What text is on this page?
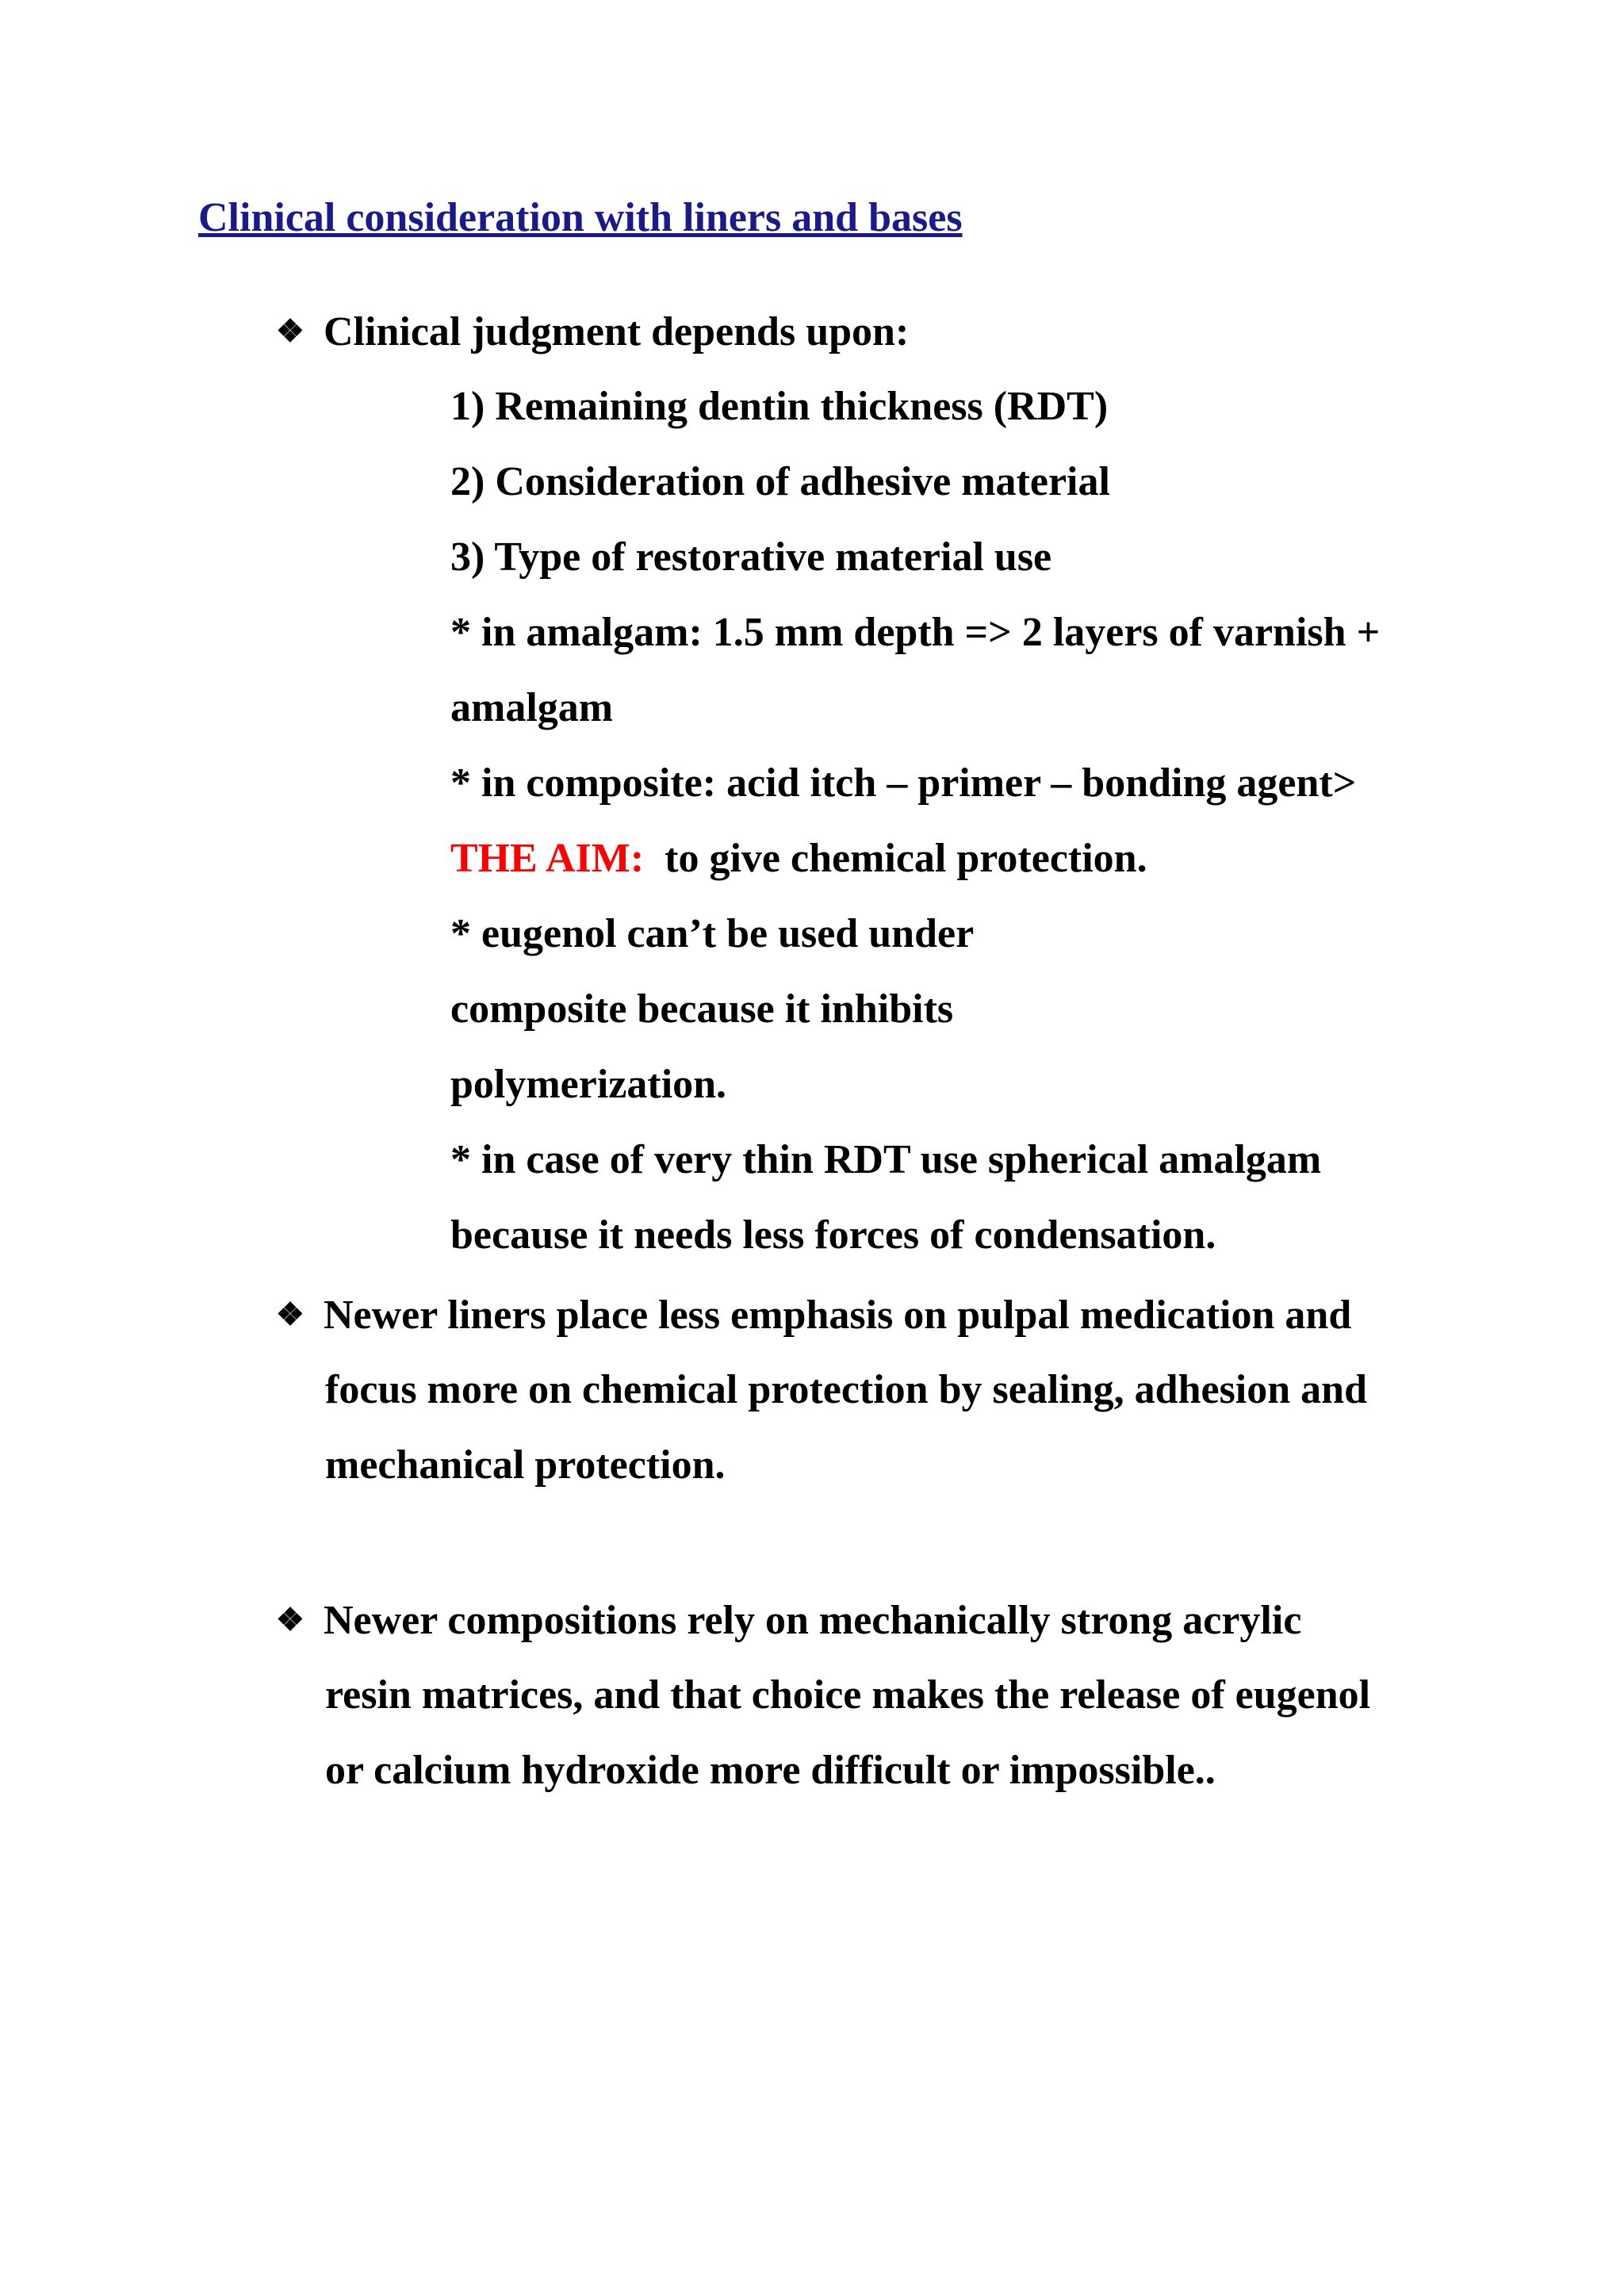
Clinical consideration with liners and bases
❖ Clinical judgment depends upon:
1) Remaining dentin thickness (RDT)
2) Consideration of adhesive material
3) Type of restorative material use
* in amalgam: 1.5 mm depth => 2 layers of varnish +
amalgam
* in composite: acid itch – primer – bonding agent>
THE AIM: to give chemical protection.
* eugenol can’t be used under
composite because it inhibits
polymerization.
* in case of very thin RDT use spherical amalgam
because it needs less forces of condensation.
❖ Newer liners place less emphasis on pulpal medication and
focus more on chemical protection by sealing, adhesion and
mechanical protection.
❖ Newer compositions rely on mechanically strong acrylic
resin matrices, and that choice makes the release of eugenol
or calcium hydroxide more difficult or impossible..
